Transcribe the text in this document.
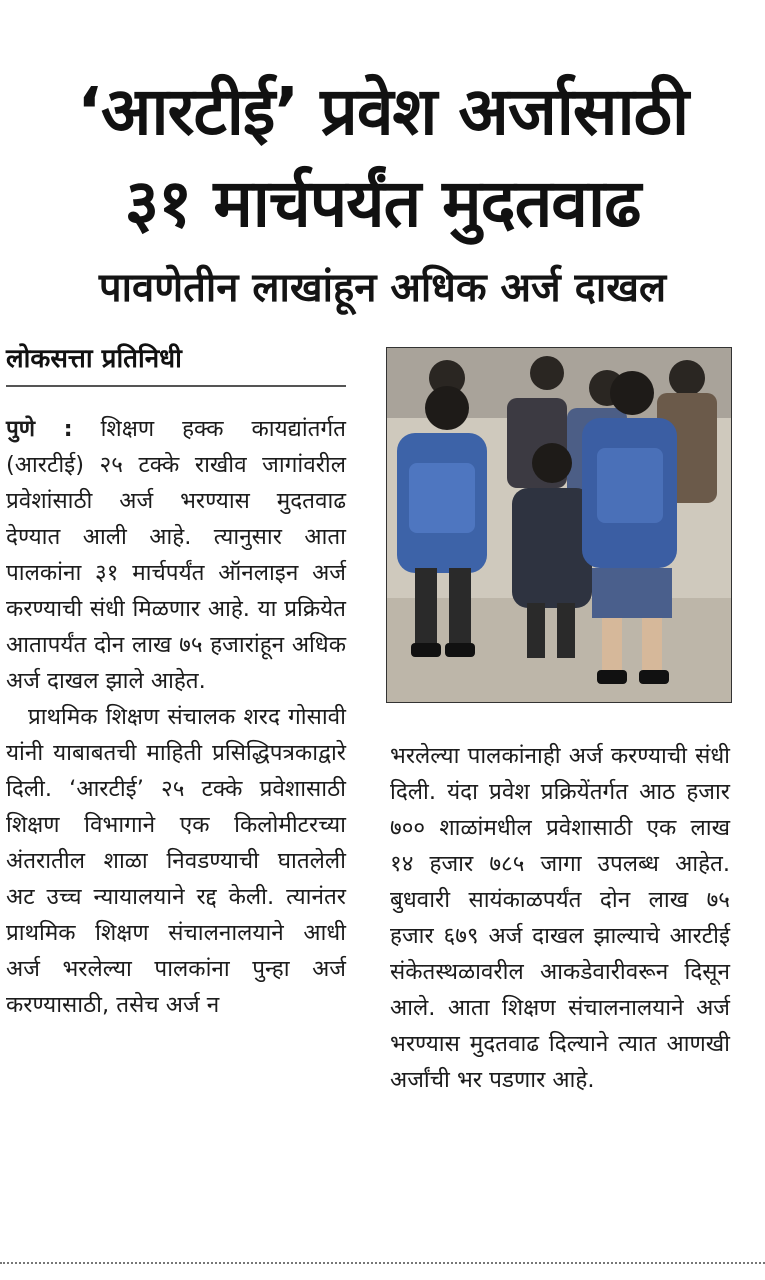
‘आरटीई’ प्रवेश अर्जासाठी
३१ मार्चपर्यंत मुदतवाढ
पावणेतीन लाखांहून अधिक अर्ज दाखल
लोकसत्ता प्रतिनिधी

पुणे : शिक्षण हक्क कायद्यांतर्गत (आरटीई) २५ टक्के राखीव जागांवरील प्रवेशांसाठी अर्ज भरण्यास मुदतवाढ देण्यात आली आहे. त्यानुसार आता पालकांना ३१ मार्चपर्यंत ऑनलाइन अर्ज करण्याची संधी मिळणार आहे. या प्रक्रियेत आतापर्यंत दोन लाख ७५ हजारांहून अधिक अर्ज दाखल झाले आहेत.

प्राथमिक शिक्षण संचालक शरद गोसावी यांनी याबाबतची माहिती प्रसिद्धिपत्रकाद्वारे दिली. ‘आरटीई’ २५ टक्के प्रवेशासाठी शिक्षण विभागाने एक किलोमीटरच्या अंतरातील शाळा निवडण्याची घातलेली अट उच्च न्यायालयाने रद्द केली. त्यानंतर प्राथमिक शिक्षण संचालनालयाने आधी अर्ज भरलेल्या पालकांना पुन्हा अर्ज करण्यासाठी, तसेच अर्ज न

भरलेल्या पालकांनाही अर्ज करण्याची संधी दिली. यंदा प्रवेश प्रक्रियेंतर्गत आठ हजार ७०० शाळांमधील प्रवेशासाठी एक लाख १४ हजार ७८५ जागा उपलब्ध आहेत. बुधवारी सायंकाळपर्यंत दोन लाख ७५ हजार ६७९ अर्ज दाखल झाल्याचे आरटीई संकेतस्थळावरील आकडेवारीवरून दिसून आले. आता शिक्षण संचालनालयाने अर्ज भरण्यास मुदतवाढ दिल्याने त्यात आणखी अर्जांची भर पडणार आहे.
